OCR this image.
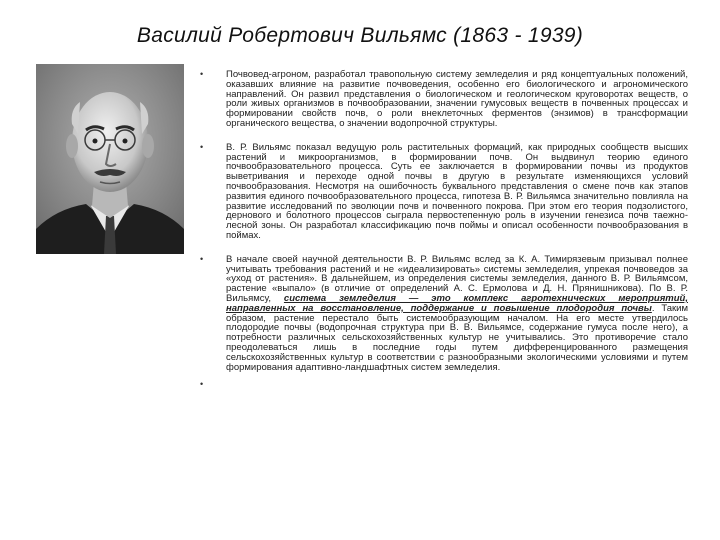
Василий Робертович Вильямс (1863 - 1939)
• Почвовед-агроном, разработал травопольную систему земледелия и ряд концептуальных положений, оказавших влияние на развитие почвоведения, особенно его биологического и агрономического направлений. Он развил представления о биологическом и геологическом круговоротах веществ, о роли живых организмов в почвообразовании, значении гумусовых веществ в почвенных процессах и формировании свойств почв, о роли внеклеточных ферментов (энзимов) в трансформации органического вещества, о значении водопрочной структуры.
• В. Р. Вильямс показал ведущую роль растительных формаций, как природных сообществ высших растений и микроорганизмов, в формировании почв. Он выдвинул теорию единого почвообразовательного процесса. Суть ее заключается в формировании почвы из продуктов выветривания и переходе одной почвы в другую в результате изменяющихся условий почвообразования. Несмотря на ошибочность буквального представления о смене почв как этапов развития единого почвообразовательного процесса, гипотеза В. Р. Вильямса значительно повлияла на развитие исследований по эволюции почв и почвенного покрова. При этом его теория подзолистого, дернового и болотного процессов сыграла первостепенную роль в изучении генезиса почв таежно-лесной зоны. Он разработал классификацию почв поймы и описал особенности почвообразования в поймах.
• В начале своей научной деятельности В. Р. Вильямс вслед за К. А. Тимирязевым призывал полнее учитывать требования растений и не «идеализировать» системы земледелия, упрекая почвоведов за «уход от растения». В дальнейшем, из определения системы земледелия, данного В. Р. Вильямсом, растение «выпало» (в отличие от определений А. С. Ермолова и Д. Н. Прянишникова). По В. Р. Вильямсу, система земледелия — это комплекс агротехнических мероприятий, направленных на восстановление, поддержание и повышение плодородия почвы. Таким образом, растение перестало быть системообразующим началом. На его месте утвердилось плодородие почвы (водопрочная структура при В. В. Вильямсе, содержание гумуса после него), а потребности различных сельскохозяйственных культур не учитывались. Это противоречие стало преодолеваться лишь в последние годы путем дифференцированного размещения сельскохозяйственных культур в соответствии с разнообразными экологическими условиями и путем формирования адаптивно-ландшафтных систем земледелия.
•
